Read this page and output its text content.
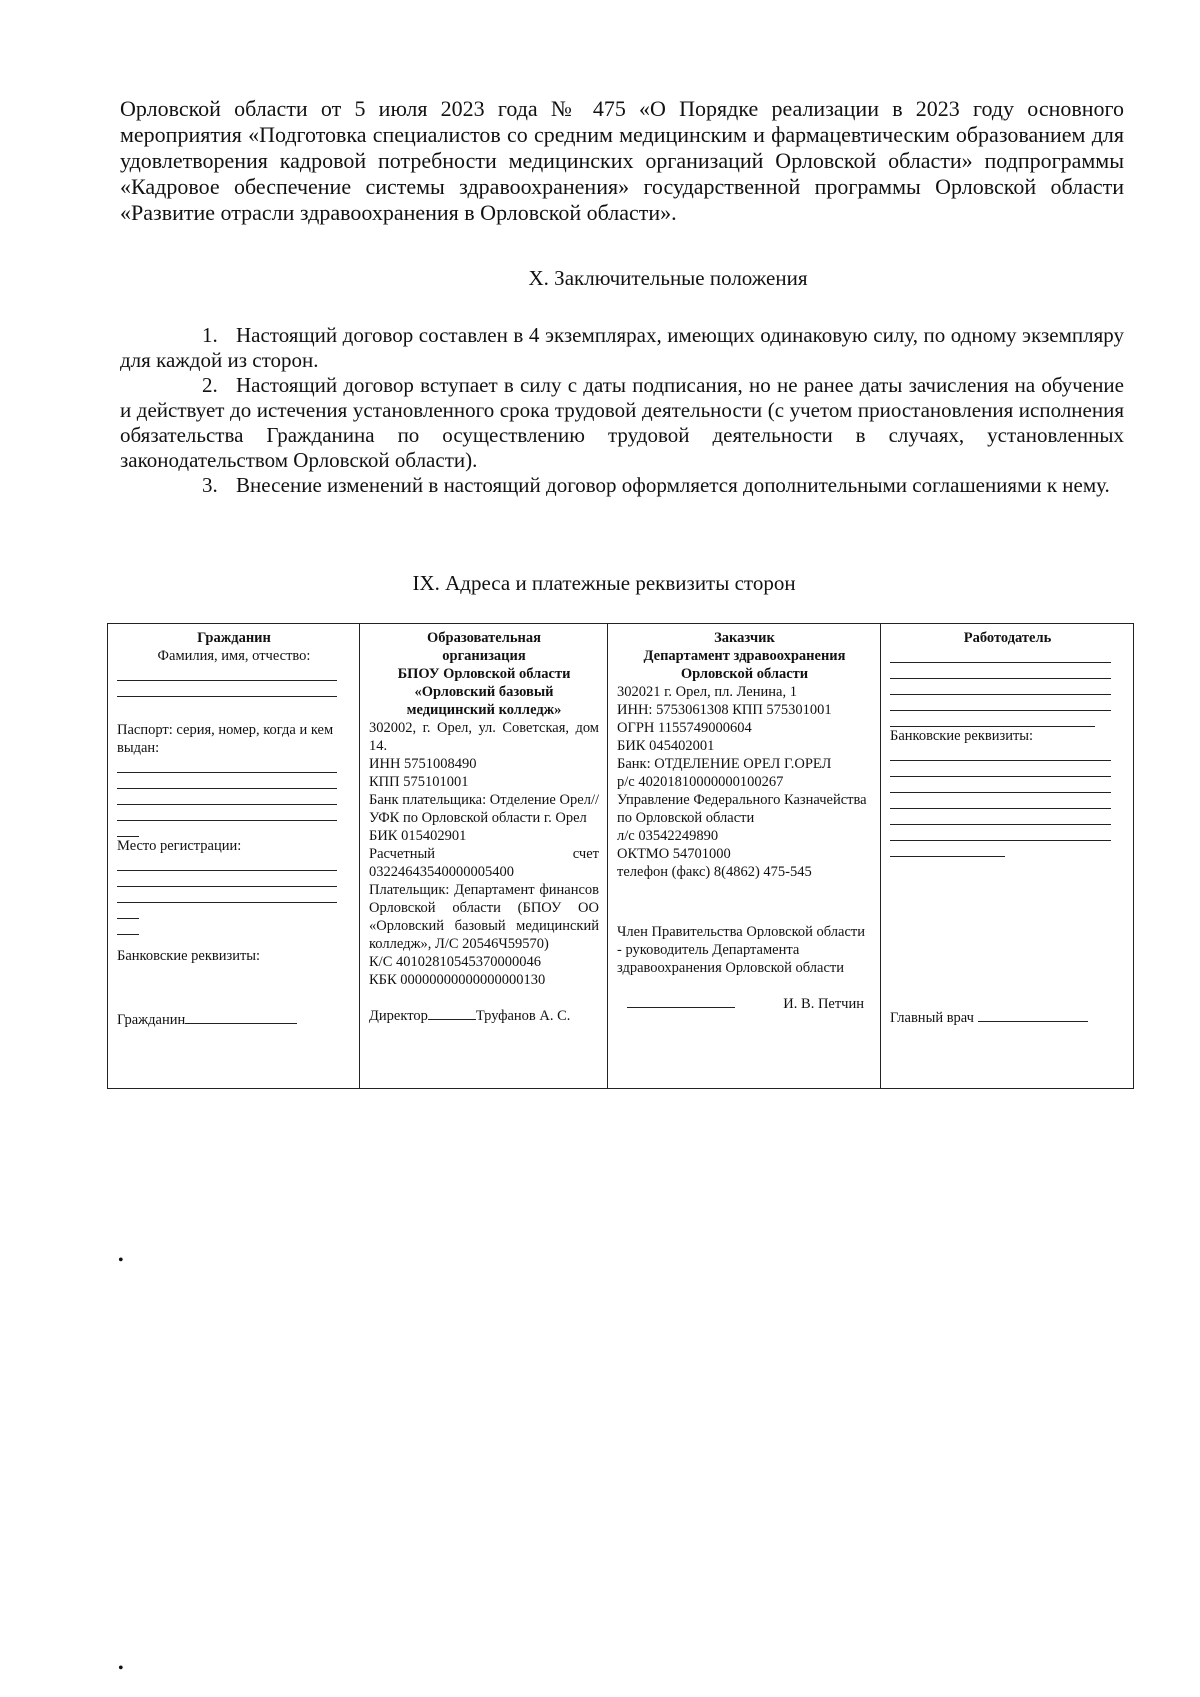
Орловской области от 5 июля 2023 года № 475 «О Порядке реализации в 2023 году основного мероприятия «Подготовка специалистов со средним медицинским и фармацевтическим образованием для удовлетворения кадровой потребности медицинских организаций Орловской области» подпрограммы «Кадровое обеспечение системы здравоохранения» государственной программы Орловской области «Развитие отрасли здравоохранения в Орловской области».

X. Заключительные положения

1. Настоящий договор составлен в 4 экземплярах, имеющих одинаковую силу, по одному экземпляру для каждой из сторон.

2. Настоящий договор вступает в силу с даты подписания, но не ранее даты зачисления на обучение и действует до истечения установленного срока трудовой деятельности (с учетом приостановления исполнения обязательства Гражданина по осуществлению трудовой деятельности в случаях, установленных законодательством Орловской области).

3. Внесение изменений в настоящий договор оформляется дополнительными соглашениями к нему.

IX. Адреса и платежные реквизиты сторон

Гражданин
Фамилия, имя, отчество:
Паспорт: серия, номер, когда и кем выдан:
Место регистрации:
Банковские реквизиты:
Гражданин

Образовательная
организация
БПОУ Орловской области
«Орловский базовый
медицинский колледж»
302002, г. Орел, ул. Советская, дом 14.
ИНН 5751008490
КПП 575101001
Банк плательщика: Отделение Орел//УФК по Орловской области г. Орел
БИК 015402901
Расчетный	счет
03224643540000005400
Плательщик: Департамент финансов Орловской области (БПОУ ОО «Орловский базовый медицинский колледж», Л/С 20546Ч59570)
К/С 40102810545370000046
КБК 00000000000000000130
Директор	Труфанов А. С.

Заказчик
Департамент здравоохранения
Орловской области
302021 г. Орел, пл. Ленина, 1
ИНН: 5753061308 КПП 575301001
ОГРН 1155749000604
БИК 045402001
Банк: ОТДЕЛЕНИЕ ОРЕЛ Г.ОРЕЛ
р/с 40201810000000100267
Управление Федерального Казначейства по Орловской области
л/с 03542249890
ОКТМО 54701000
телефон (факс) 8(4862) 475-545
Член Правительства Орловской области - руководитель Департамента здравоохранения Орловской области
И. В. Петчин

Работодатель
Банковские реквизиты:
Главный врач
•
•
